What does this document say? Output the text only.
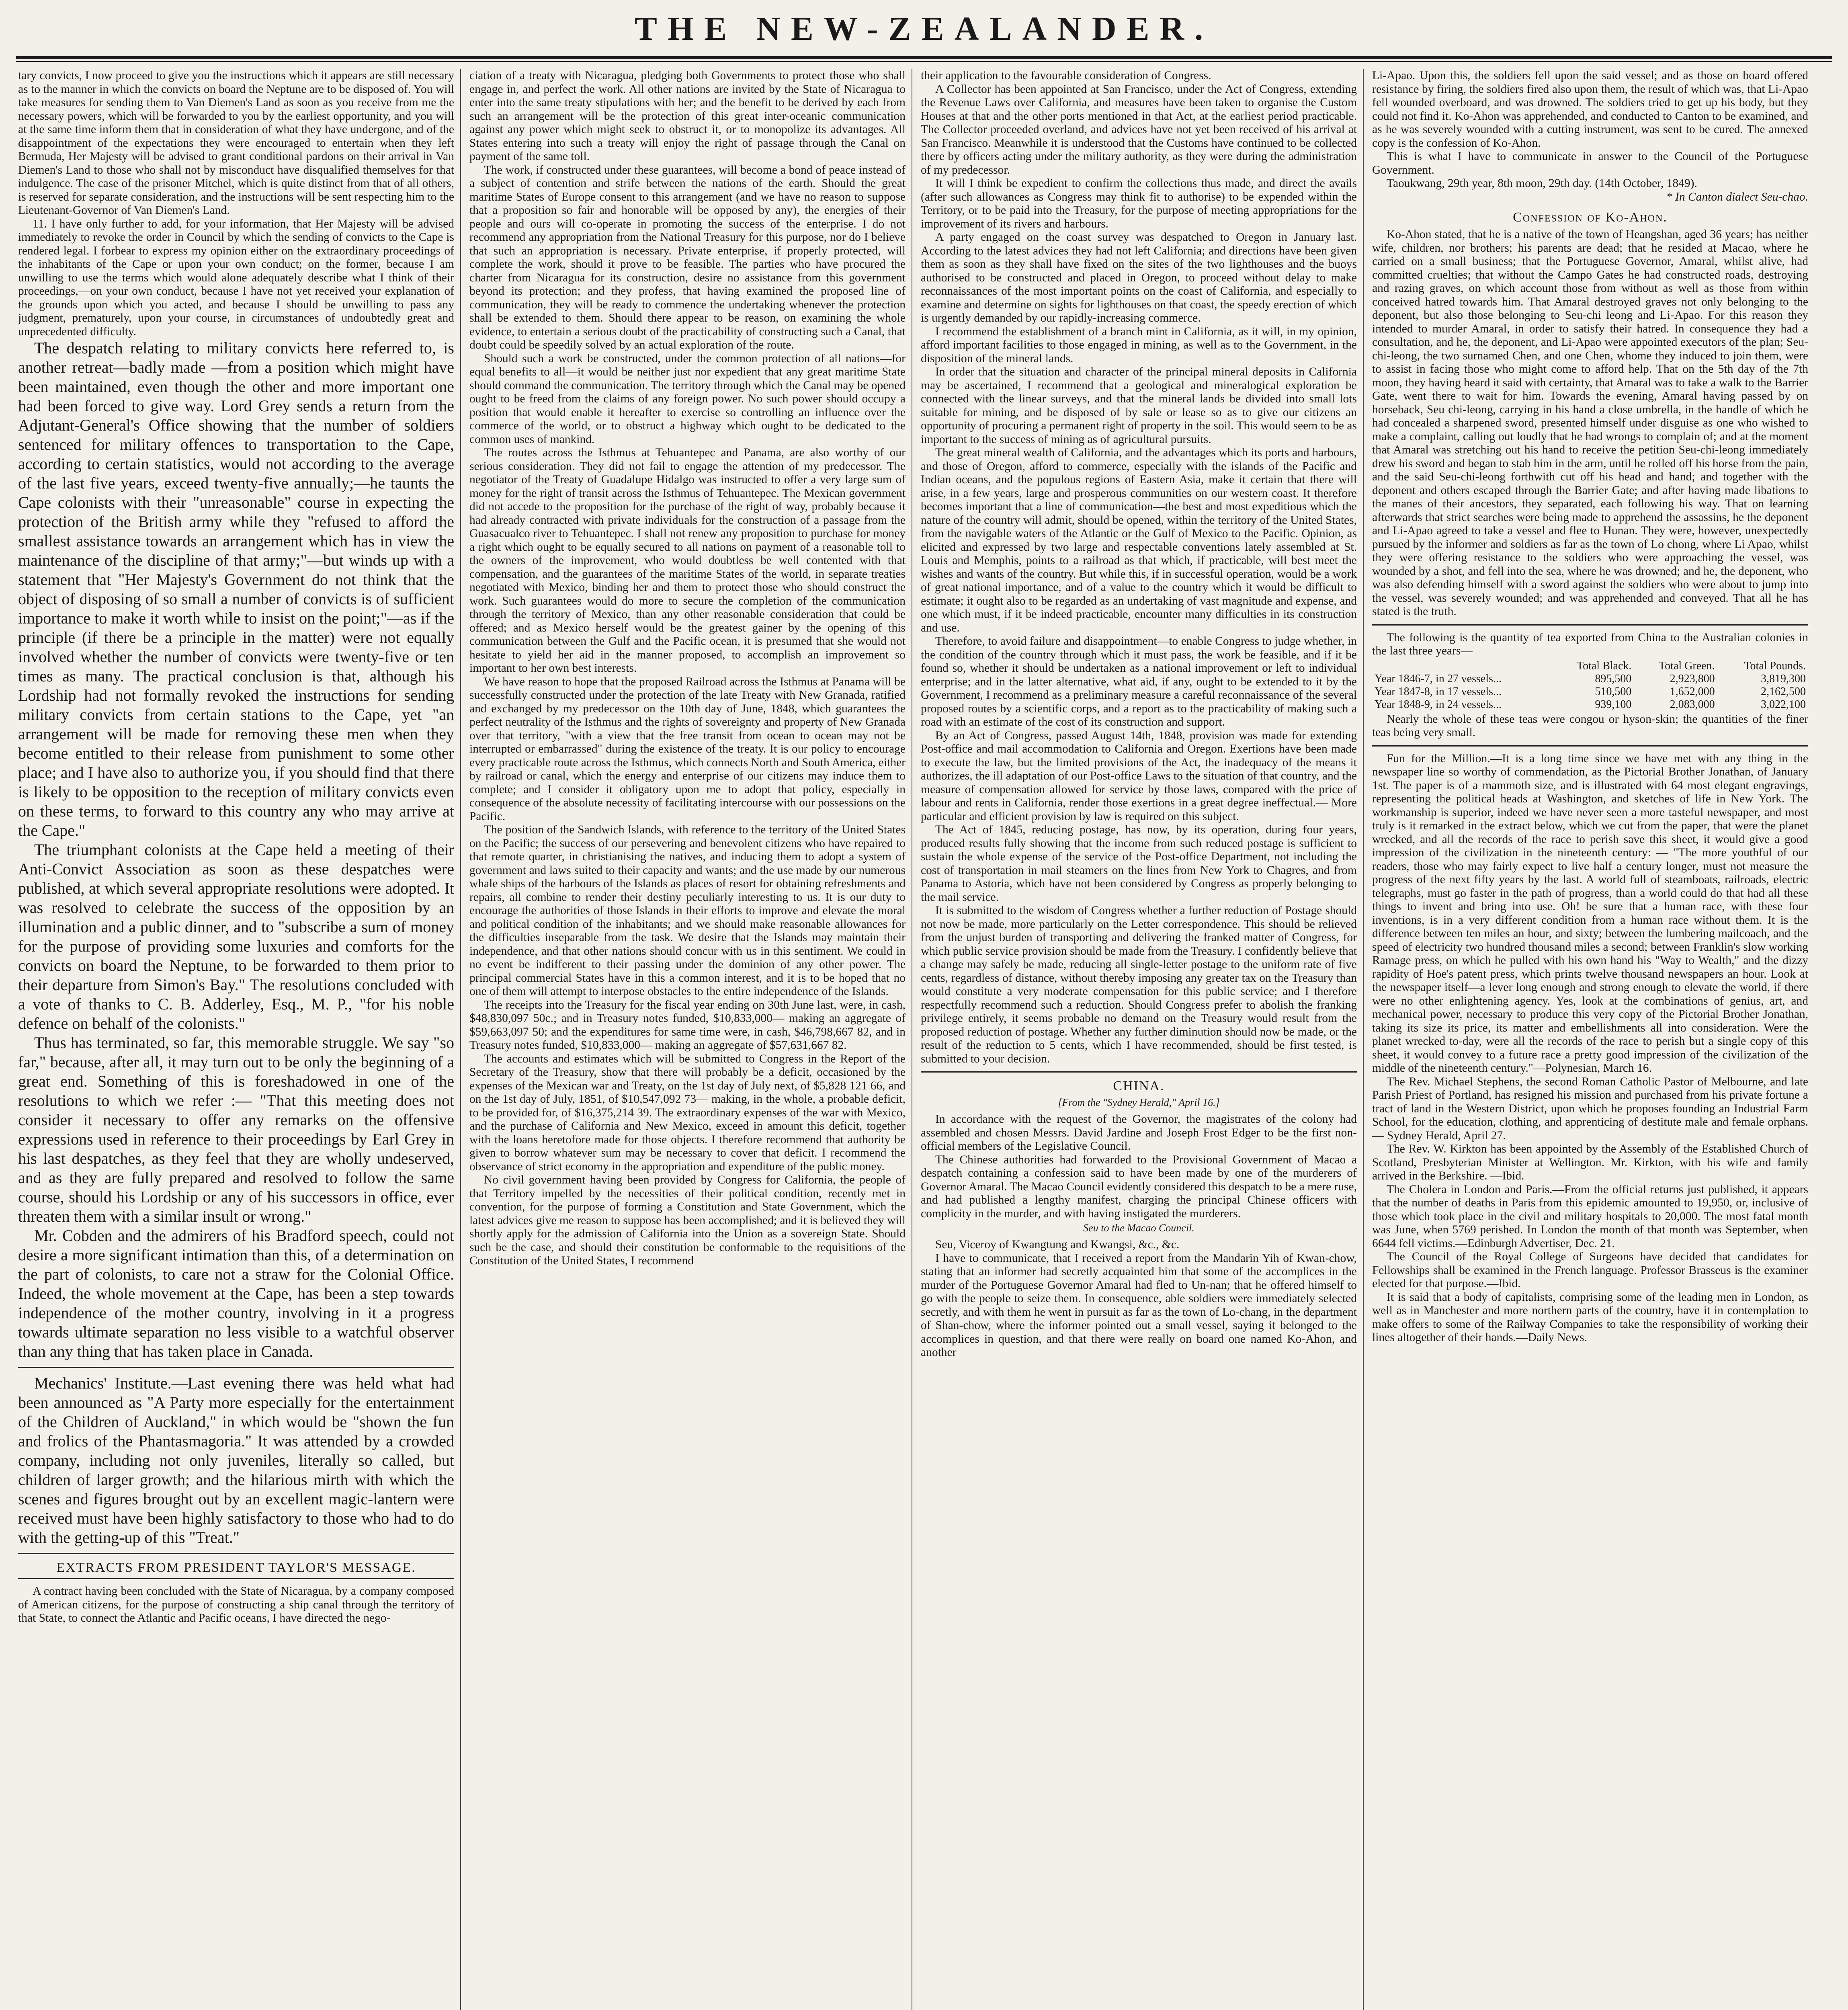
THE NEW-ZEALANDER.

tary convicts, I now proceed to give you the instructions which it appears are still necessary as to the manner in which the convicts on board the Neptune are to be disposed of. You will take measures for sending them to Van Diemen's Land as soon as you receive from me the necessary powers, which will be forwarded to you by the earliest opportunity, and you will at the same time inform them that in consideration of what they have undergone, and of the disappointment of the expectations they were encouraged to entertain when they left Bermuda, Her Majesty will be advised to grant conditional pardons on their arrival in Van Diemen's Land to those who shall not by misconduct have disqualified themselves for that indulgence. The case of the prisoner Mitchel, which is quite distinct from that of all others, is reserved for separate consideration, and the instructions will be sent respecting him to the Lieutenant-Governor of Van Diemen's Land.

11. I have only further to add, for your information, that Her Majesty will be advised immediately to revoke the order in Council by which the sending of convicts to the Cape is rendered legal. I forbear to express my opinion either on the extraordinary proceedings of the inhabitants of the Cape or upon your own conduct; on the former, because I am unwilling to use the terms which would alone adequately describe what I think of their proceedings,—on your own conduct, because I have not yet received your explanation of the grounds upon which you acted, and because I should be unwilling to pass any judgment, prematurely, upon your course, in circumstances of undoubtedly great and unprecedented difficulty.

The despatch relating to military convicts here referred to, is another retreat—badly made —from a position which might have been maintained, even though the other and more important one had been forced to give way. Lord Grey sends a return from the Adjutant-General's Office showing that the number of soldiers sentenced for military offences to transportation to the Cape, according to certain statistics, would not according to the average of the last five years, exceed twenty-five annually;—he taunts the Cape colonists with their "unreasonable" course in expecting the protection of the British army while they "refused to afford the smallest assistance towards an arrangement which has in view the maintenance of the discipline of that army;"—but winds up with a statement that "Her Majesty's Government do not think that the object of disposing of so small a number of convicts is of sufficient importance to make it worth while to insist on the point;"—as if the principle (if there be a principle in the matter) were not equally involved whether the number of convicts were twenty-five or ten times as many. The practical conclusion is that, although his Lordship had not formally revoked the instructions for sending military convicts from certain stations to the Cape, yet "an arrangement will be made for removing these men when they become entitled to their release from punishment to some other place; and I have also to authorize you, if you should find that there is likely to be opposition to the reception of military convicts even on these terms, to forward to this country any who may arrive at the Cape."

The triumphant colonists at the Cape held a meeting of their Anti-Convict Association as soon as these despatches were published, at which several appropriate resolutions were adopted. It was resolved to celebrate the success of the opposition by an illumination and a public dinner, and to "subscribe a sum of money for the purpose of providing some luxuries and comforts for the convicts on board the Neptune, to be forwarded to them prior to their departure from Simon's Bay." The resolutions concluded with a vote of thanks to C. B. Adderley, Esq., M. P., "for his noble defence on behalf of the colonists."

Thus has terminated, so far, this memorable struggle. We say "so far," because, after all, it may turn out to be only the beginning of a great end. Something of this is foreshadowed in one of the resolutions to which we refer :— "That this meeting does not consider it necessary to offer any remarks on the offensive expressions used in reference to their proceedings by Earl Grey in his last despatches, as they feel that they are wholly undeserved, and as they are fully prepared and resolved to follow the same course, should his Lordship or any of his successors in office, ever threaten them with a similar insult or wrong."

Mr. Cobden and the admirers of his Bradford speech, could not desire a more significant intimation than this, of a determination on the part of colonists, to care not a straw for the Colonial Office. Indeed, the whole movement at the Cape, has been a step towards independence of the mother country, involving in it a progress towards ultimate separation no less visible to a watchful observer than any thing that has taken place in Canada.

Mechanics' Institute.—Last evening there was held what had been announced as "A Party more especially for the entertainment of the Children of Auckland," in which would be "shown the fun and frolics of the Phantasmagoria." It was attended by a crowded company, including not only juveniles, literally so called, but children of larger growth; and the hilarious mirth with which the scenes and figures brought out by an excellent magic-lantern were received must have been highly satisfactory to those who had to do with the getting-up of this "Treat."

EXTRACTS FROM PRESIDENT TAYLOR'S MESSAGE.

A contract having been concluded with the State of Nicaragua, by a company composed of American citizens, for the purpose of constructing a ship canal through the territory of that State, to connect the Atlantic and Pacific oceans, I have directed the nego-

ciation of a treaty with Nicaragua, pledging both Governments to protect those who shall engage in, and perfect the work. All other nations are invited by the State of Nicaragua to enter into the same treaty stipulations with her; and the benefit to be derived by each from such an arrangement will be the protection of this great inter-oceanic communication against any power which might seek to obstruct it, or to monopolize its advantages. All States entering into such a treaty will enjoy the right of passage through the Canal on payment of the same toll.

The work, if constructed under these guarantees, will become a bond of peace instead of a subject of contention and strife between the nations of the earth. Should the great maritime States of Europe consent to this arrangement (and we have no reason to suppose that a proposition so fair and honorable will be opposed by any), the energies of their people and ours will co-operate in promoting the success of the enterprise. I do not recommend any appropriation from the National Treasury for this purpose, nor do I believe that such an appropriation is necessary. Private enterprise, if properly protected, will complete the work, should it prove to be feasible. The parties who have procured the charter from Nicaragua for its construction, desire no assistance from this government beyond its protection; and they profess, that having examined the proposed line of communication, they will be ready to commence the undertaking whenever the protection shall be extended to them. Should there appear to be reason, on examining the whole evidence, to entertain a serious doubt of the practicability of constructing such a Canal, that doubt could be speedily solved by an actual exploration of the route.

Should such a work be constructed, under the common protection of all nations—for equal benefits to all—it would be neither just nor expedient that any great maritime State should command the communication. The territory through which the Canal may be opened ought to be freed from the claims of any foreign power. No such power should occupy a position that would enable it hereafter to exercise so controlling an influence over the commerce of the world, or to obstruct a highway which ought to be dedicated to the common uses of mankind.

The routes across the Isthmus at Tehuantepec and Panama, are also worthy of our serious consideration. They did not fail to engage the attention of my predecessor. The negotiator of the Treaty of Guadalupe Hidalgo was instructed to offer a very large sum of money for the right of transit across the Isthmus of Tehuantepec. The Mexican government did not accede to the proposition for the purchase of the right of way, probably because it had already contracted with private individuals for the construction of a passage from the Guasacualco river to Tehuantepec. I shall not renew any proposition to purchase for money a right which ought to be equally secured to all nations on payment of a reasonable toll to the owners of the improvement, who would doubtless be well contented with that compensation, and the guarantees of the maritime States of the world, in separate treaties negotiated with Mexico, binding her and them to protect those who should construct the work. Such guarantees would do more to secure the completion of the communication through the territory of Mexico, than any other reasonable consideration that could be offered; and as Mexico herself would be the greatest gainer by the opening of this communication between the Gulf and the Pacific ocean, it is presumed that she would not hesitate to yield her aid in the manner proposed, to accomplish an improvement so important to her own best interests.

We have reason to hope that the proposed Railroad across the Isthmus at Panama will be successfully constructed under the protection of the late Treaty with New Granada, ratified and exchanged by my predecessor on the 10th day of June, 1848, which guarantees the perfect neutrality of the Isthmus and the rights of sovereignty and property of New Granada over that territory, "with a view that the free transit from ocean to ocean may not be interrupted or embarrassed" during the existence of the treaty. It is our policy to encourage every practicable route across the Isthmus, which connects North and South America, either by railroad or canal, which the energy and enterprise of our citizens may induce them to complete; and I consider it obligatory upon me to adopt that policy, especially in consequence of the absolute necessity of facilitating intercourse with our possessions on the Pacific.

The position of the Sandwich Islands, with reference to the territory of the United States on the Pacific; the success of our persevering and benevolent citizens who have repaired to that remote quarter, in christianising the natives, and inducing them to adopt a system of government and laws suited to their capacity and wants; and the use made by our numerous whale ships of the harbours of the Islands as places of resort for obtaining refreshments and repairs, all combine to render their destiny peculiarly interesting to us. It is our duty to encourage the authorities of those Islands in their efforts to improve and elevate the moral and political condition of the inhabitants; and we should make reasonable allowances for the difficulties inseparable from the task. We desire that the Islands may maintain their independence, and that other nations should concur with us in this sentiment. We could in no event be indifferent to their passing under the dominion of any other power. The principal commercial States have in this a common interest, and it is to be hoped that no one of them will attempt to interpose obstacles to the entire independence of the Islands.

The receipts into the Treasury for the fiscal year ending on 30th June last, were, in cash, $48,830,097 50c.; and in Treasury notes funded, $10,833,000— making an aggregate of $59,663,097 50; and the expenditures for same time were, in cash, $46,798,667 82, and in Treasury notes funded, $10,833,000— making an aggregate of $57,631,667 82.

The accounts and estimates which will be submitted to Congress in the Report of the Secretary of the Treasury, show that there will probably be a deficit, occasioned by the expenses of the Mexican war and Treaty, on the 1st day of July next, of $5,828 121 66, and on the 1st day of July, 1851, of $10,547,092 73— making, in the whole, a probable deficit, to be provided for, of $16,375,214 39. The extraordinary expenses of the war with Mexico, and the purchase of California and New Mexico, exceed in amount this deficit, together with the loans heretofore made for those objects. I therefore recommend that authority be given to borrow whatever sum may be necessary to cover that deficit. I recommend the observance of strict economy in the appropriation and expenditure of the public money.

No civil government having been provided by Congress for California, the people of that Territory impelled by the necessities of their political condition, recently met in convention, for the purpose of forming a Constitution and State Government, which the latest advices give me reason to suppose has been accomplished; and it is believed they will shortly apply for the admission of California into the Union as a sovereign State. Should such be the case, and should their constitution be conformable to the requisitions of the Constitution of the United States, I recommend

their application to the favourable consideration of Congress.

A Collector has been appointed at San Francisco, under the Act of Congress, extending the Revenue Laws over California, and measures have been taken to organise the Custom Houses at that and the other ports mentioned in that Act, at the earliest period practicable. The Collector proceeded overland, and advices have not yet been received of his arrival at San Francisco. Meanwhile it is understood that the Customs have continued to be collected there by officers acting under the military authority, as they were during the administration of my predecessor.

It will I think be expedient to confirm the collections thus made, and direct the avails (after such allowances as Congress may think fit to authorise) to be expended within the Territory, or to be paid into the Treasury, for the purpose of meeting appropriations for the improvement of its rivers and harbours.

A party engaged on the coast survey was despatched to Oregon in January last. According to the latest advices they had not left California; and directions have been given them as soon as they shall have fixed on the sites of the two lighthouses and the buoys authorised to be constructed and placed in Oregon, to proceed without delay to make reconnaissances of the most important points on the coast of California, and especially to examine and determine on sights for lighthouses on that coast, the speedy erection of which is urgently demanded by our rapidly-increasing commerce.

I recommend the establishment of a branch mint in California, as it will, in my opinion, afford important facilities to those engaged in mining, as well as to the Government, in the disposition of the mineral lands.

In order that the situation and character of the principal mineral deposits in California may be ascertained, I recommend that a geological and mineralogical exploration be connected with the linear surveys, and that the mineral lands be divided into small lots suitable for mining, and be disposed of by sale or lease so as to give our citizens an opportunity of procuring a permanent right of property in the soil. This would seem to be as important to the success of mining as of agricultural pursuits.

The great mineral wealth of California, and the advantages which its ports and harbours, and those of Oregon, afford to commerce, especially with the islands of the Pacific and Indian oceans, and the populous regions of Eastern Asia, make it certain that there will arise, in a few years, large and prosperous communities on our western coast. It therefore becomes important that a line of communication—the best and most expeditious which the nature of the country will admit, should be opened, within the territory of the United States, from the navigable waters of the Atlantic or the Gulf of Mexico to the Pacific. Opinion, as elicited and expressed by two large and respectable conventions lately assembled at St. Louis and Memphis, points to a railroad as that which, if practicable, will best meet the wishes and wants of the country. But while this, if in successful operation, would be a work of great national importance, and of a value to the country which it would be difficult to estimate; it ought also to be regarded as an undertaking of vast magnitude and expense, and one which must, if it be indeed practicable, encounter many difficulties in its construction and use.

Therefore, to avoid failure and disappointment—to enable Congress to judge whether, in the condition of the country through which it must pass, the work be feasible, and if it be found so, whether it should be undertaken as a national improvement or left to individual enterprise; and in the latter alternative, what aid, if any, ought to be extended to it by the Government, I recommend as a preliminary measure a careful reconnaissance of the several proposed routes by a scientific corps, and a report as to the practicability of making such a road with an estimate of the cost of its construction and support.

By an Act of Congress, passed August 14th, 1848, provision was made for extending Post-office and mail accommodation to California and Oregon. Exertions have been made to execute the law, but the limited provisions of the Act, the inadequacy of the means it authorizes, the ill adaptation of our Post-office Laws to the situation of that country, and the measure of compensation allowed for service by those laws, compared with the price of labour and rents in California, render those exertions in a great degree ineffectual.— More particular and efficient provision by law is required on this subject.

The Act of 1845, reducing postage, has now, by its operation, during four years, produced results fully showing that the income from such reduced postage is sufficient to sustain the whole expense of the service of the Post-office Department, not including the cost of transportation in mail steamers on the lines from New York to Chagres, and from Panama to Astoria, which have not been considered by Congress as properly belonging to the mail service.

It is submitted to the wisdom of Congress whether a further reduction of Postage should not now be made, more particularly on the Letter correspondence. This should be relieved from the unjust burden of transporting and delivering the franked matter of Congress, for which public service provision should be made from the Treasury. I confidently believe that a change may safely be made, reducing all single-letter postage to the uniform rate of five cents, regardless of distance, without thereby imposing any greater tax on the Treasury than would constitute a very moderate compensation for this public service; and I therefore respectfully recommend such a reduction. Should Congress prefer to abolish the franking privilege entirely, it seems probable no demand on the Treasury would result from the proposed reduction of postage. Whether any further diminution should now be made, or the result of the reduction to 5 cents, which I have recommended, should be first tested, is submitted to your decision.

CHINA.
[From the "Sydney Herald," April 16.]

In accordance with the request of the Governor, the magistrates of the colony had assembled and chosen Messrs. David Jardine and Joseph Frost Edger to be the first non-official members of the Legislative Council.

The Chinese authorities had forwarded to the Provisional Government of Macao a despatch containing a confession said to have been made by one of the murderers of Governor Amaral. The Macao Council evidently considered this despatch to be a mere ruse, and had published a lengthy manifest, charging the principal Chinese officers with complicity in the murder, and with having instigated the murderers.

Seu to the Macao Council.

Seu, Viceroy of Kwangtung and Kwangsi, &c., &c.

I have to communicate, that I received a report from the Mandarin Yih of Kwan-chow, stating that an informer had secretly acquainted him that some of the accomplices in the murder of the Portuguese Governor Amaral had fled to Un-nan; that he offered himself to go with the people to seize them. In consequence, able soldiers were immediately selected secretly, and with them he went in pursuit as far as the town of Lo-chang, in the department of Shan-chow, where the informer pointed out a small vessel, saying it belonged to the accomplices in question, and that there were really on board one named Ko-Ahon, and another

Li-Apao. Upon this, the soldiers fell upon the said vessel; and as those on board offered resistance by firing, the soldiers fired also upon them, the result of which was, that Li-Apao fell wounded overboard, and was drowned. The soldiers tried to get up his body, but they could not find it. Ko-Ahon was apprehended, and conducted to Canton to be examined, and as he was severely wounded with a cutting instrument, was sent to be cured. The annexed copy is the confession of Ko-Ahon.

This is what I have to communicate in answer to the Council of the Portuguese Government.

Taoukwang, 29th year, 8th moon, 29th day. (14th October, 1849).

* In Canton dialect Seu-chao.

Confession of Ko-Ahon.

Ko-Ahon stated, that he is a native of the town of Heangshan, aged 36 years; has neither wife, children, nor brothers; his parents are dead; that he resided at Macao, where he carried on a small business; that the Portuguese Governor, Amaral, whilst alive, had committed cruelties; that without the Campo Gates he had constructed roads, destroying and razing graves, on which account those from without as well as those from within conceived hatred towards him. That Amaral destroyed graves not only belonging to the deponent, but also those belonging to Seu-chi leong and Li-Apao. For this reason they intended to murder Amaral, in order to satisfy their hatred. In consequence they had a consultation, and he, the deponent, and Li-Apao were appointed executors of the plan; Seu-chi-leong, the two surnamed Chen, and one Chen, whome they induced to join them, were to assist in facing those who might come to afford help. That on the 5th day of the 7th moon, they having heard it said with certainty, that Amaral was to take a walk to the Barrier Gate, went there to wait for him. Towards the evening, Amaral having passed by on horseback, Seu chi-leong, carrying in his hand a close umbrella, in the handle of which he had concealed a sharpened sword, presented himself under disguise as one who wished to make a complaint, calling out loudly that he had wrongs to complain of; and at the moment that Amaral was stretching out his hand to receive the petition Seu-chi-leong immediately drew his sword and began to stab him in the arm, until he rolled off his horse from the pain, and the said Seu-chi-leong forthwith cut off his head and hand; and together with the deponent and others escaped through the Barrier Gate; and after having made libations to the manes of their ancestors, they separated, each following his way. That on learning afterwards that strict searches were being made to apprehend the assassins, he the deponent and Li-Apao agreed to take a vessel and flee to Hunan. They were, however, unexpectedly pursued by the informer and soldiers as far as the town of Lo chong, where Li Apao, whilst they were offering resistance to the soldiers who were approaching the vessel, was wounded by a shot, and fell into the sea, where he was drowned; and he, the deponent, who was also defending himself with a sword against the soldiers who were about to jump into the vessel, was severely wounded; and was apprehended and conveyed. That all he has stated is the truth.

The following is the quantity of tea exported from China to the Australian colonies in the last three years—

	Total Black.	Total Green.	Total Pounds.
Year 1846-7, in 27 vessels...	895,500	2,923,800	3,819,300
Year 1847-8, in 17 vessels...	510,500	1,652,000	2,162,500
Year 1848-9, in 24 vessels...	939,100	2,083,000	3,022,100

Nearly the whole of these teas were congou or hyson-skin; the quantities of the finer teas being very small.

Fun for the Million.—It is a long time since we have met with any thing in the newspaper line so worthy of commendation, as the Pictorial Brother Jonathan, of January 1st. The paper is of a mammoth size, and is illustrated with 64 most elegant engravings, representing the political heads at Washington, and sketches of life in New York. The workmanship is superior, indeed we have never seen a more tasteful newspaper, and most truly is it remarked in the extract below, which we cut from the paper, that were the planet wrecked, and all the records of the race to perish save this sheet, it would give a good impression of the civilization in the nineteenth century: — "The more youthful of our readers, those who may fairly expect to live half a century longer, must not measure the progress of the next fifty years by the last. A world full of steamboats, railroads, electric telegraphs, must go faster in the path of progress, than a world could do that had all these things to invent and bring into use. Oh! be sure that a human race, with these four inventions, is in a very different condition from a human race without them. It is the difference between ten miles an hour, and sixty; between the lumbering mailcoach, and the speed of electricity two hundred thousand miles a second; between Franklin's slow working Ramage press, on which he pulled with his own hand his "Way to Wealth," and the dizzy rapidity of Hoe's patent press, which prints twelve thousand newspapers an hour. Look at the newspaper itself—a lever long enough and strong enough to elevate the world, if there were no other enlightening agency. Yes, look at the combinations of genius, art, and mechanical power, necessary to produce this very copy of the Pictorial Brother Jonathan, taking its size its price, its matter and embellishments all into consideration. Were the planet wrecked to-day, were all the records of the race to perish but a single copy of this sheet, it would convey to a future race a pretty good impression of the civilization of the middle of the nineteenth century."—Polynesian, March 16.

The Rev. Michael Stephens, the second Roman Catholic Pastor of Melbourne, and late Parish Priest of Portland, has resigned his mission and purchased from his private fortune a tract of land in the Western District, upon which he proposes founding an Industrial Farm School, for the education, clothing, and apprenticing of destitute male and female orphans.— Sydney Herald, April 27.

The Rev. W. Kirkton has been appointed by the Assembly of the Established Church of Scotland, Presbyterian Minister at Wellington. Mr. Kirkton, with his wife and family arrived in the Berkshire. —Ibid.

The Cholera in London and Paris.—From the official returns just published, it appears that the number of deaths in Paris from this epidemic amounted to 19,950, or, inclusive of those which took place in the civil and military hospitals to 20,000. The most fatal month was June, when 5769 perished. In London the month of that month was September, when 6644 fell victims.—Edinburgh Advertiser, Dec. 21.

The Council of the Royal College of Surgeons have decided that candidates for Fellowships shall be examined in the French language. Professor Brasseus is the examiner elected for that purpose.—Ibid.

It is said that a body of capitalists, comprising some of the leading men in London, as well as in Manchester and more northern parts of the country, have it in contemplation to make offers to some of the Railway Companies to take the responsibility of working their lines altogether of their hands.—Daily News.
